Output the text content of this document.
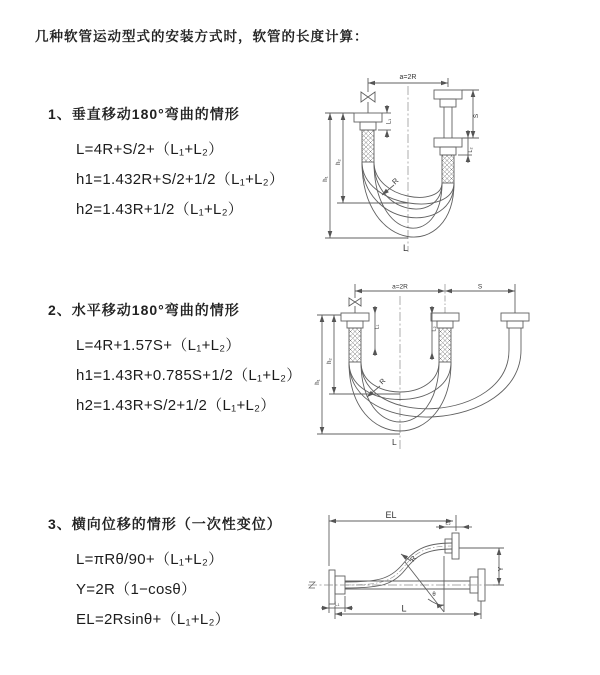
几种软管运动型式的安装方式时，软管的长度计算：
1、垂直移动180°弯曲的情形
L=4R+S/2+（L₁+L₂）
h1=1.432R+S/2+1/2（L₁+L₂）
h2=1.43R+1/2（L₁+L₂）
2、水平移动180°弯曲的情形
L=4R+1.57S+（L₁+L₂）
h1=1.43R+0.785S+1/2（L₁+L₂）
h2=1.43R+S/2+1/2（L₁+L₂）
3、横向位移的情形（一次性变位）
L=πRθ/90+（L₁+L₂）
Y=2R（1−cosθ）
EL=2Rsinθ+（L₁+L₂）
a=2R
L₁
S
L₂
h₁
h₂
R
L
a=2R	S
L₁	L₂
h₁
h₂
R
L
EL
L₂
Y
R
θ
L₁	L
